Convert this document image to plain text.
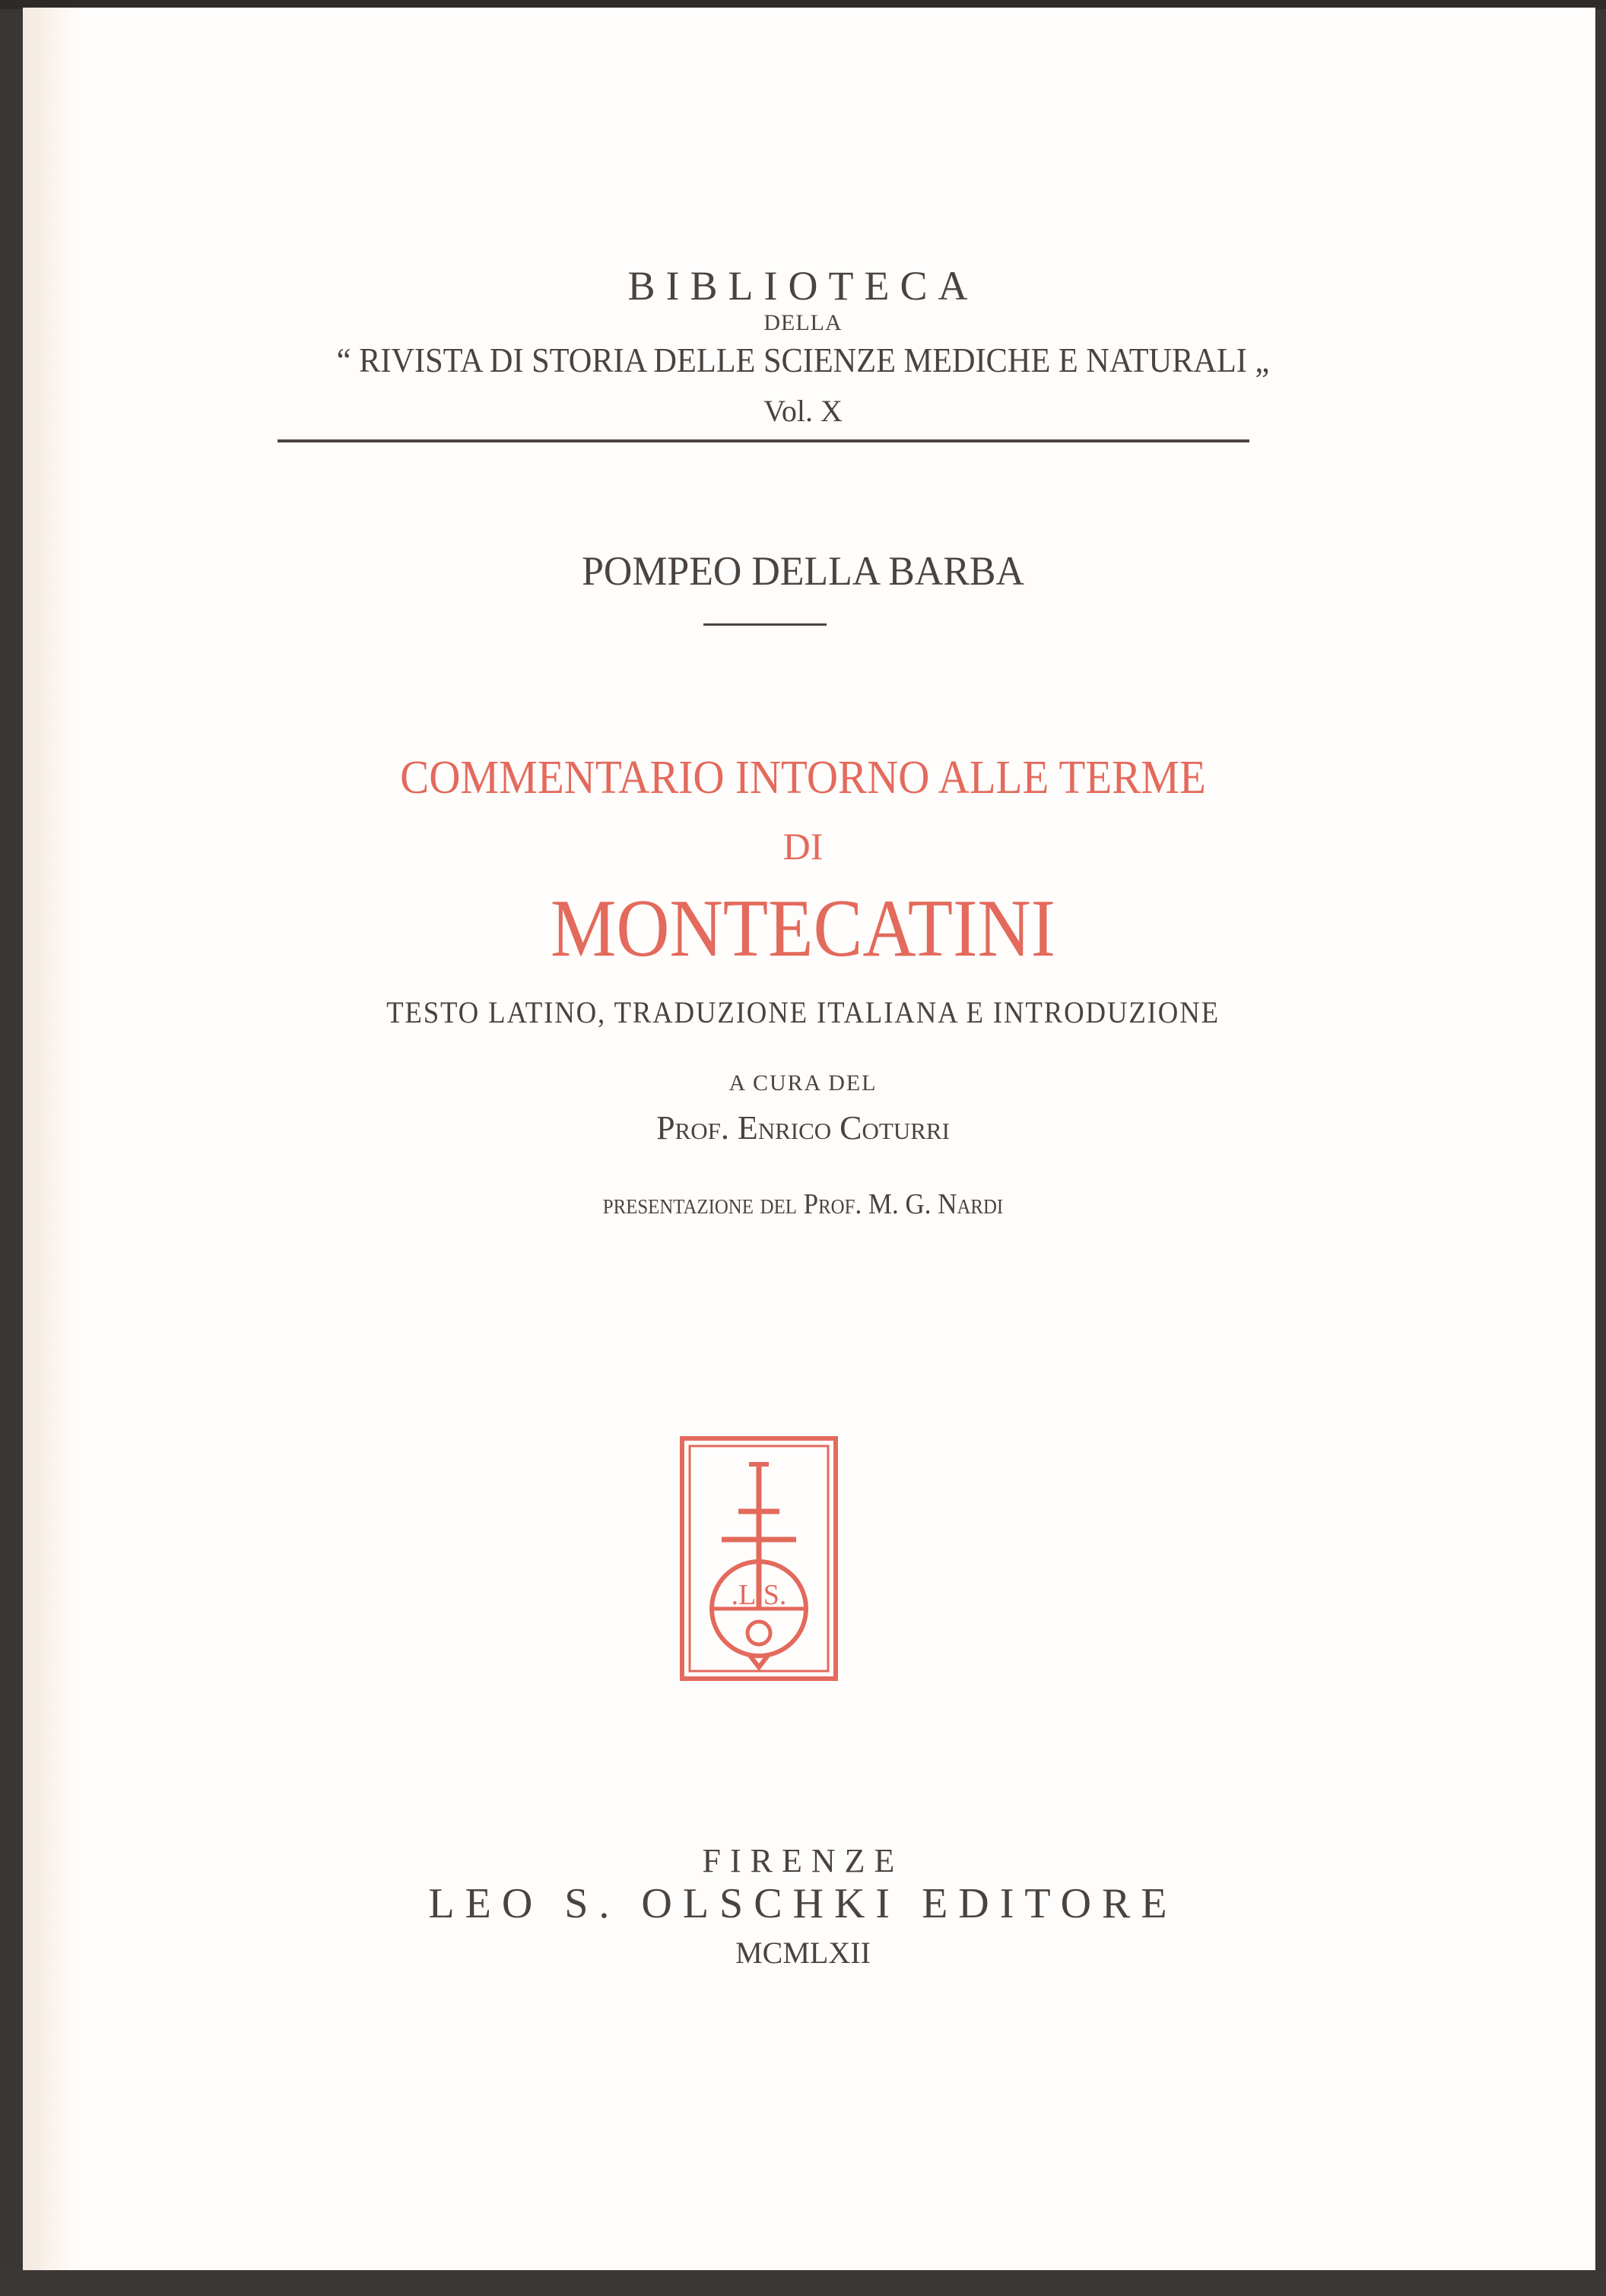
BIBLIOTECA
DELLA
“ RIVISTA DI STORIA DELLE SCIENZE MEDICHE E NATURALI „
Vol. X
POMPEO DELLA BARBA
COMMENTARIO INTORNO ALLE TERME
DI
MONTECATINI
TESTO LATINO, TRADUZIONE ITALIANA E INTRODUZIONE
A CURA DEL
Prof. Enrico Coturri
presentazione del Prof. M. G. Nardi
.L.S.
FIRENZE
LEO S. OLSCHKI EDITORE
MCMLXII
